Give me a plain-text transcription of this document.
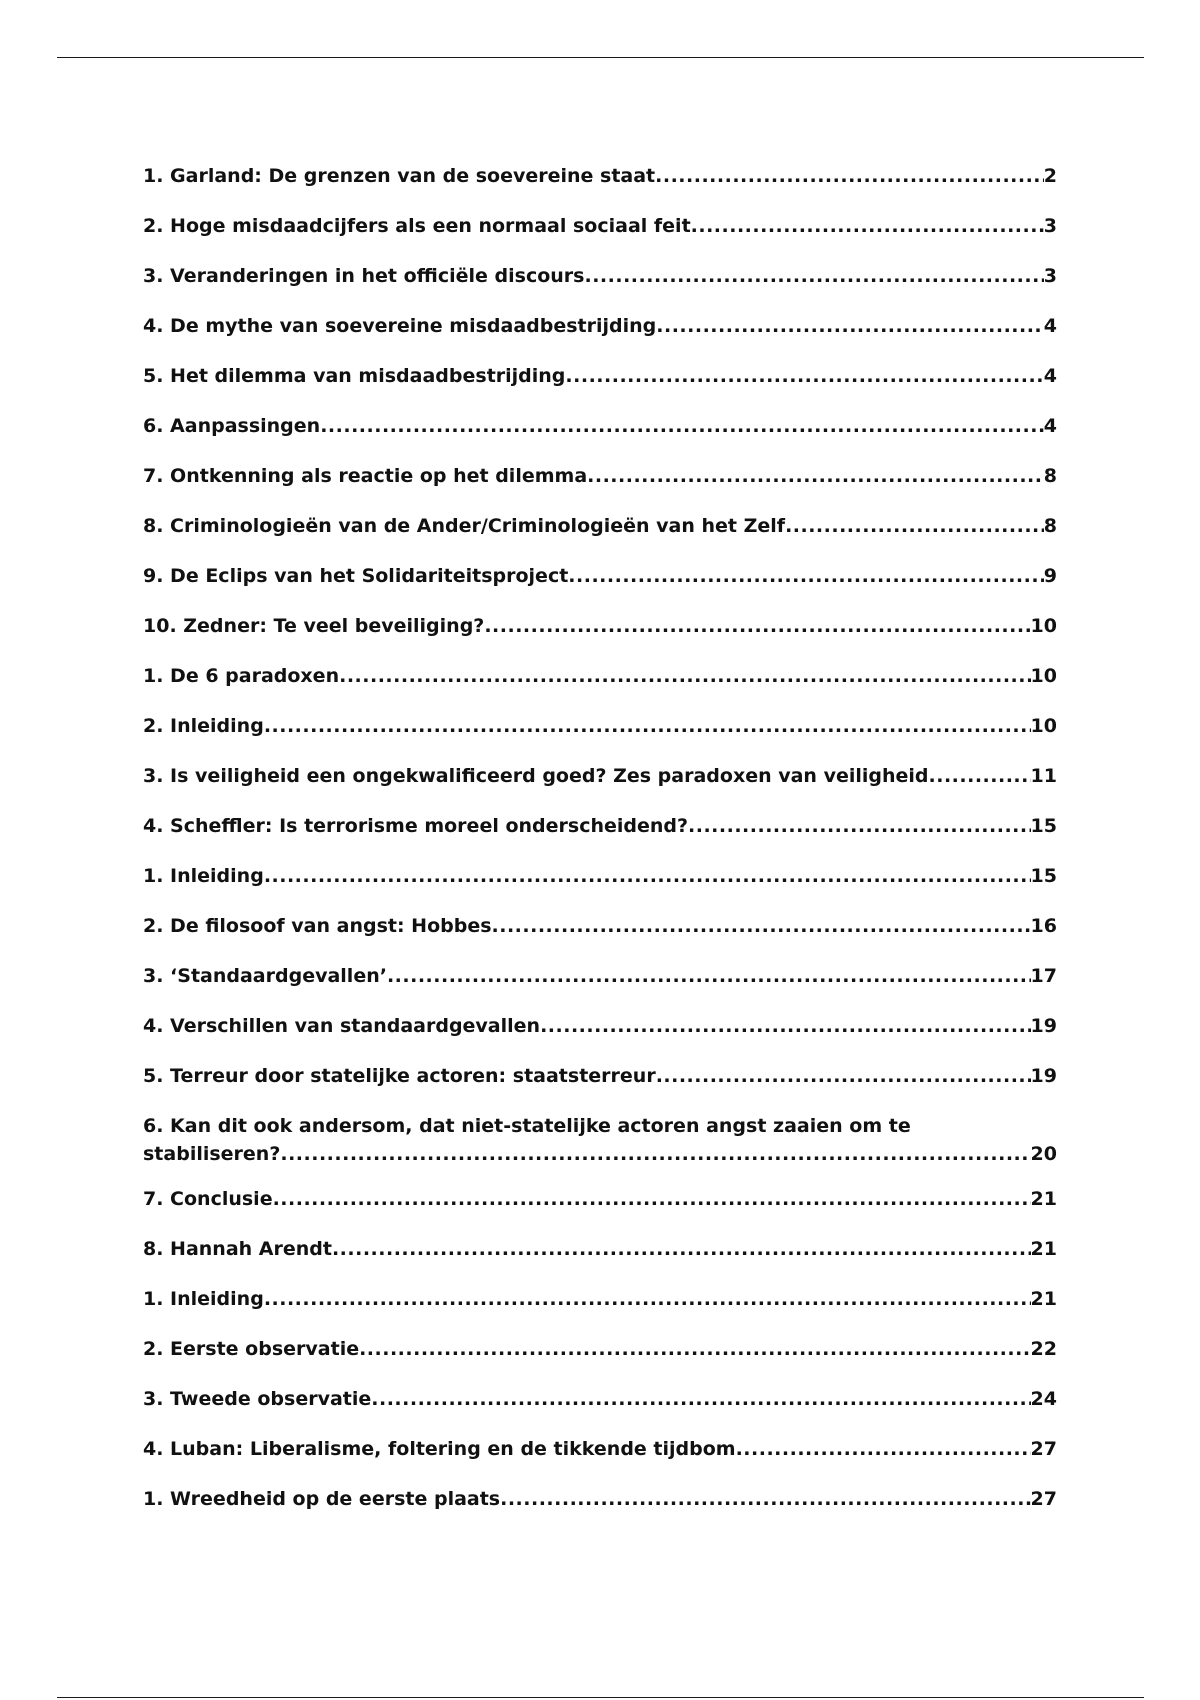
1. Garland: De grenzen van de soevereine staat .....	2
2. Hoge misdaadcijfers als een normaal sociaal feit .....	3
3. Veranderingen in het officiële discours .....	3
4. De mythe van soevereine misdaadbestrijding .....	4
5. Het dilemma van misdaadbestrijding .....	4
6. Aanpassingen .....	4
7. Ontkenning als reactie op het dilemma .....	8
8. Criminologieën van de Ander/Criminologieën van het Zelf .....	8
9. De Eclips van het Solidariteitsproject .....	9
10. Zedner: Te veel beveiliging? .....	10
1. De 6 paradoxen .....	10
2. Inleiding .....	10
3. Is veiligheid een ongekwalificeerd goed? Zes paradoxen van veiligheid .....	11
4. Scheffler: Is terrorisme moreel onderscheidend? .....	15
1. Inleiding .....	15
2. De filosoof van angst: Hobbes .....	16
3. ‘Standaardgevallen’ .....	17
4. Verschillen van standaardgevallen .....	19
5. Terreur door statelijke actoren: staatsterreur .....	19
6. Kan dit ook andersom, dat niet-statelijke actoren angst zaaien om te
stabiliseren? .....	20
7. Conclusie .....	21
8. Hannah Arendt .....	21
1. Inleiding .....	21
2. Eerste observatie .....	22
3. Tweede observatie .....	24
4. Luban: Liberalisme, foltering en de tikkende tijdbom .....	27
1. Wreedheid op de eerste plaats .....	27
